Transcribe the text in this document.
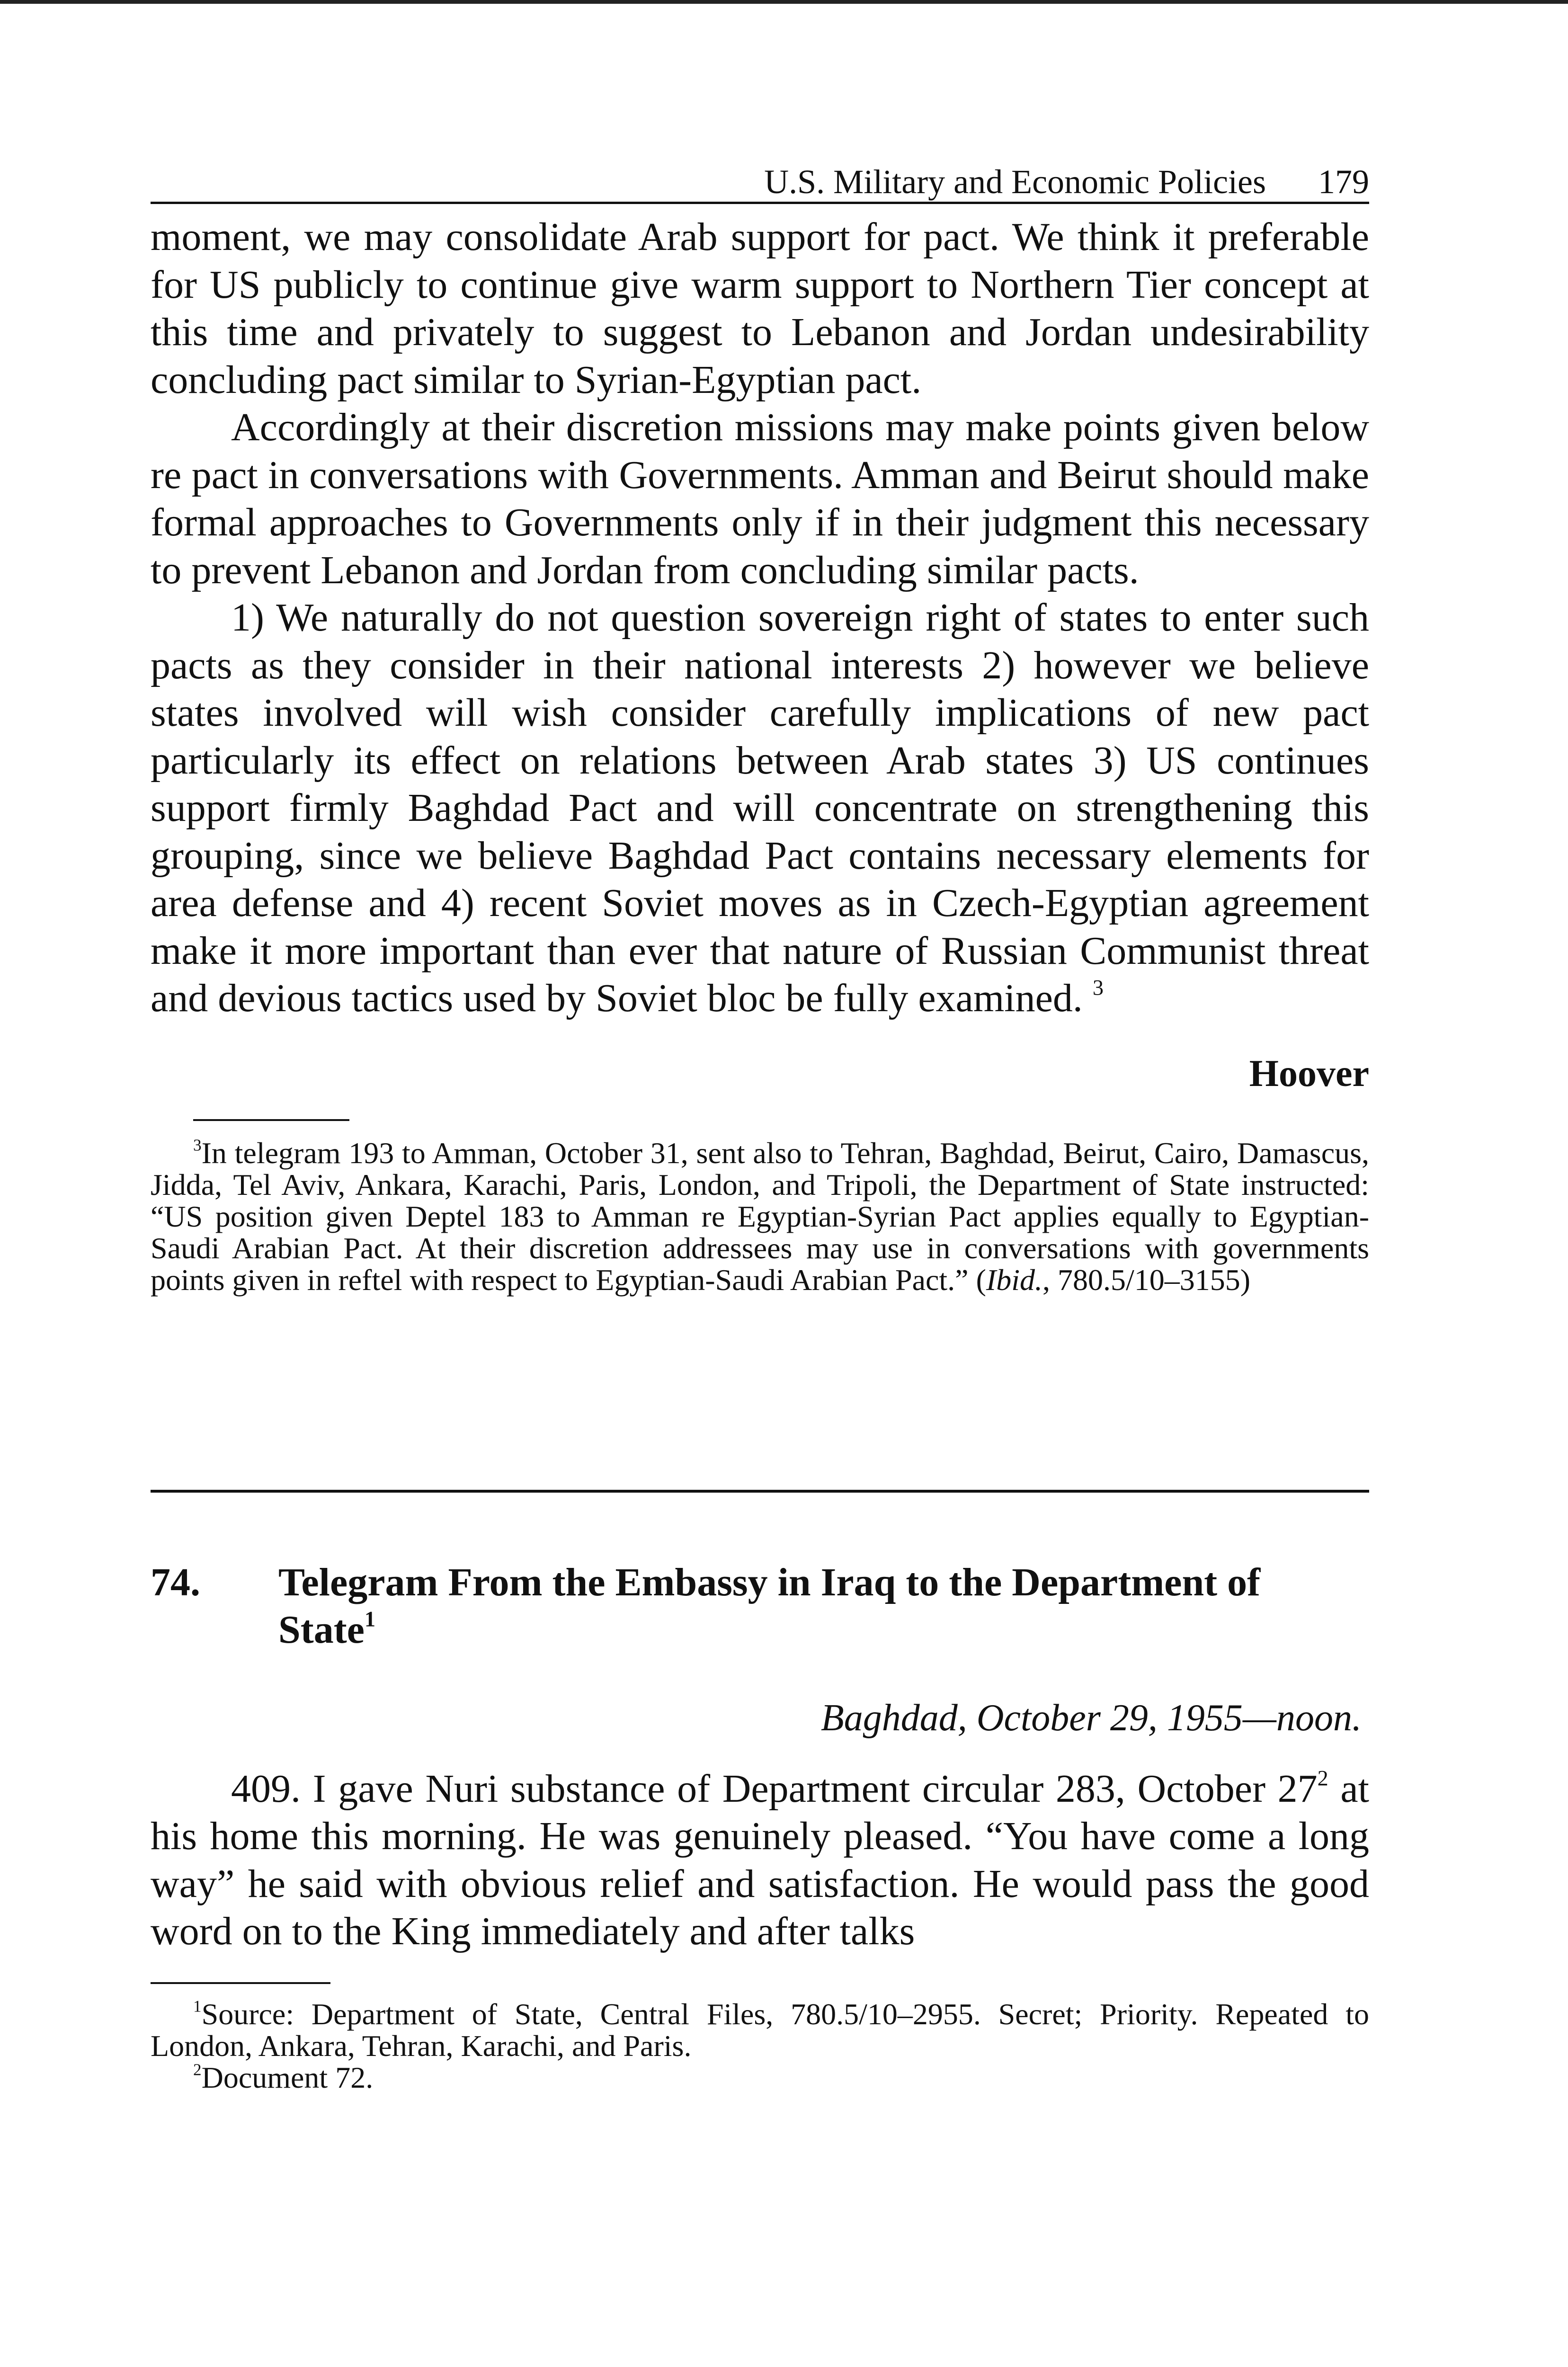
U.S. Military and Economic Policies 179

moment, we may consolidate Arab support for pact. We think it preferable for US publicly to continue give warm support to Northern Tier concept at this time and privately to suggest to Lebanon and Jordan undesirability concluding pact similar to Syrian-Egyptian pact.

Accordingly at their discretion missions may make points given below re pact in conversations with Governments. Amman and Beirut should make formal approaches to Governments only if in their judgment this necessary to prevent Lebanon and Jordan from concluding similar pacts.

1) We naturally do not question sovereign right of states to enter such pacts as they consider in their national interests 2) however we believe states involved will wish consider carefully implications of new pact particularly its effect on relations between Arab states 3) US continues support firmly Baghdad Pact and will concentrate on strengthening this grouping, since we believe Baghdad Pact contains necessary elements for area defense and 4) recent Soviet moves as in Czech-Egyptian agreement make it more important than ever that nature of Russian Communist threat and devious tactics used by Soviet bloc be fully examined. $^3$

Hoover

$^3$In telegram 193 to Amman, October 31, sent also to Tehran, Baghdad, Beirut, Cairo, Damascus, Jidda, Tel Aviv, Ankara, Karachi, Paris, London, and Tripoli, the Department of State instructed: “US position given Deptel 183 to Amman re Egyptian-Syrian Pact applies equally to Egyptian-Saudi Arabian Pact. At their discretion addressees may use in conversations with governments points given in reftel with respect to Egyptian-Saudi Arabian Pact.” (Ibid., 780.5/10–3155)

74. Telegram From the Embassy in Iraq to the Department of State$^1$
Baghdad, October 29, 1955—noon.

409. I gave Nuri substance of Department circular 283, October $27^2$ at his home this morning. He was genuinely pleased. “You have come a long way” he said with obvious relief and satisfaction. He would pass the good word on to the King immediately and after talks

$^1$Source: Department of State, Central Files, 780.5/10–2955. Secret; Priority. Repeated to London, Ankara, Tehran, Karachi, and Paris.

$^2$Document 72.
